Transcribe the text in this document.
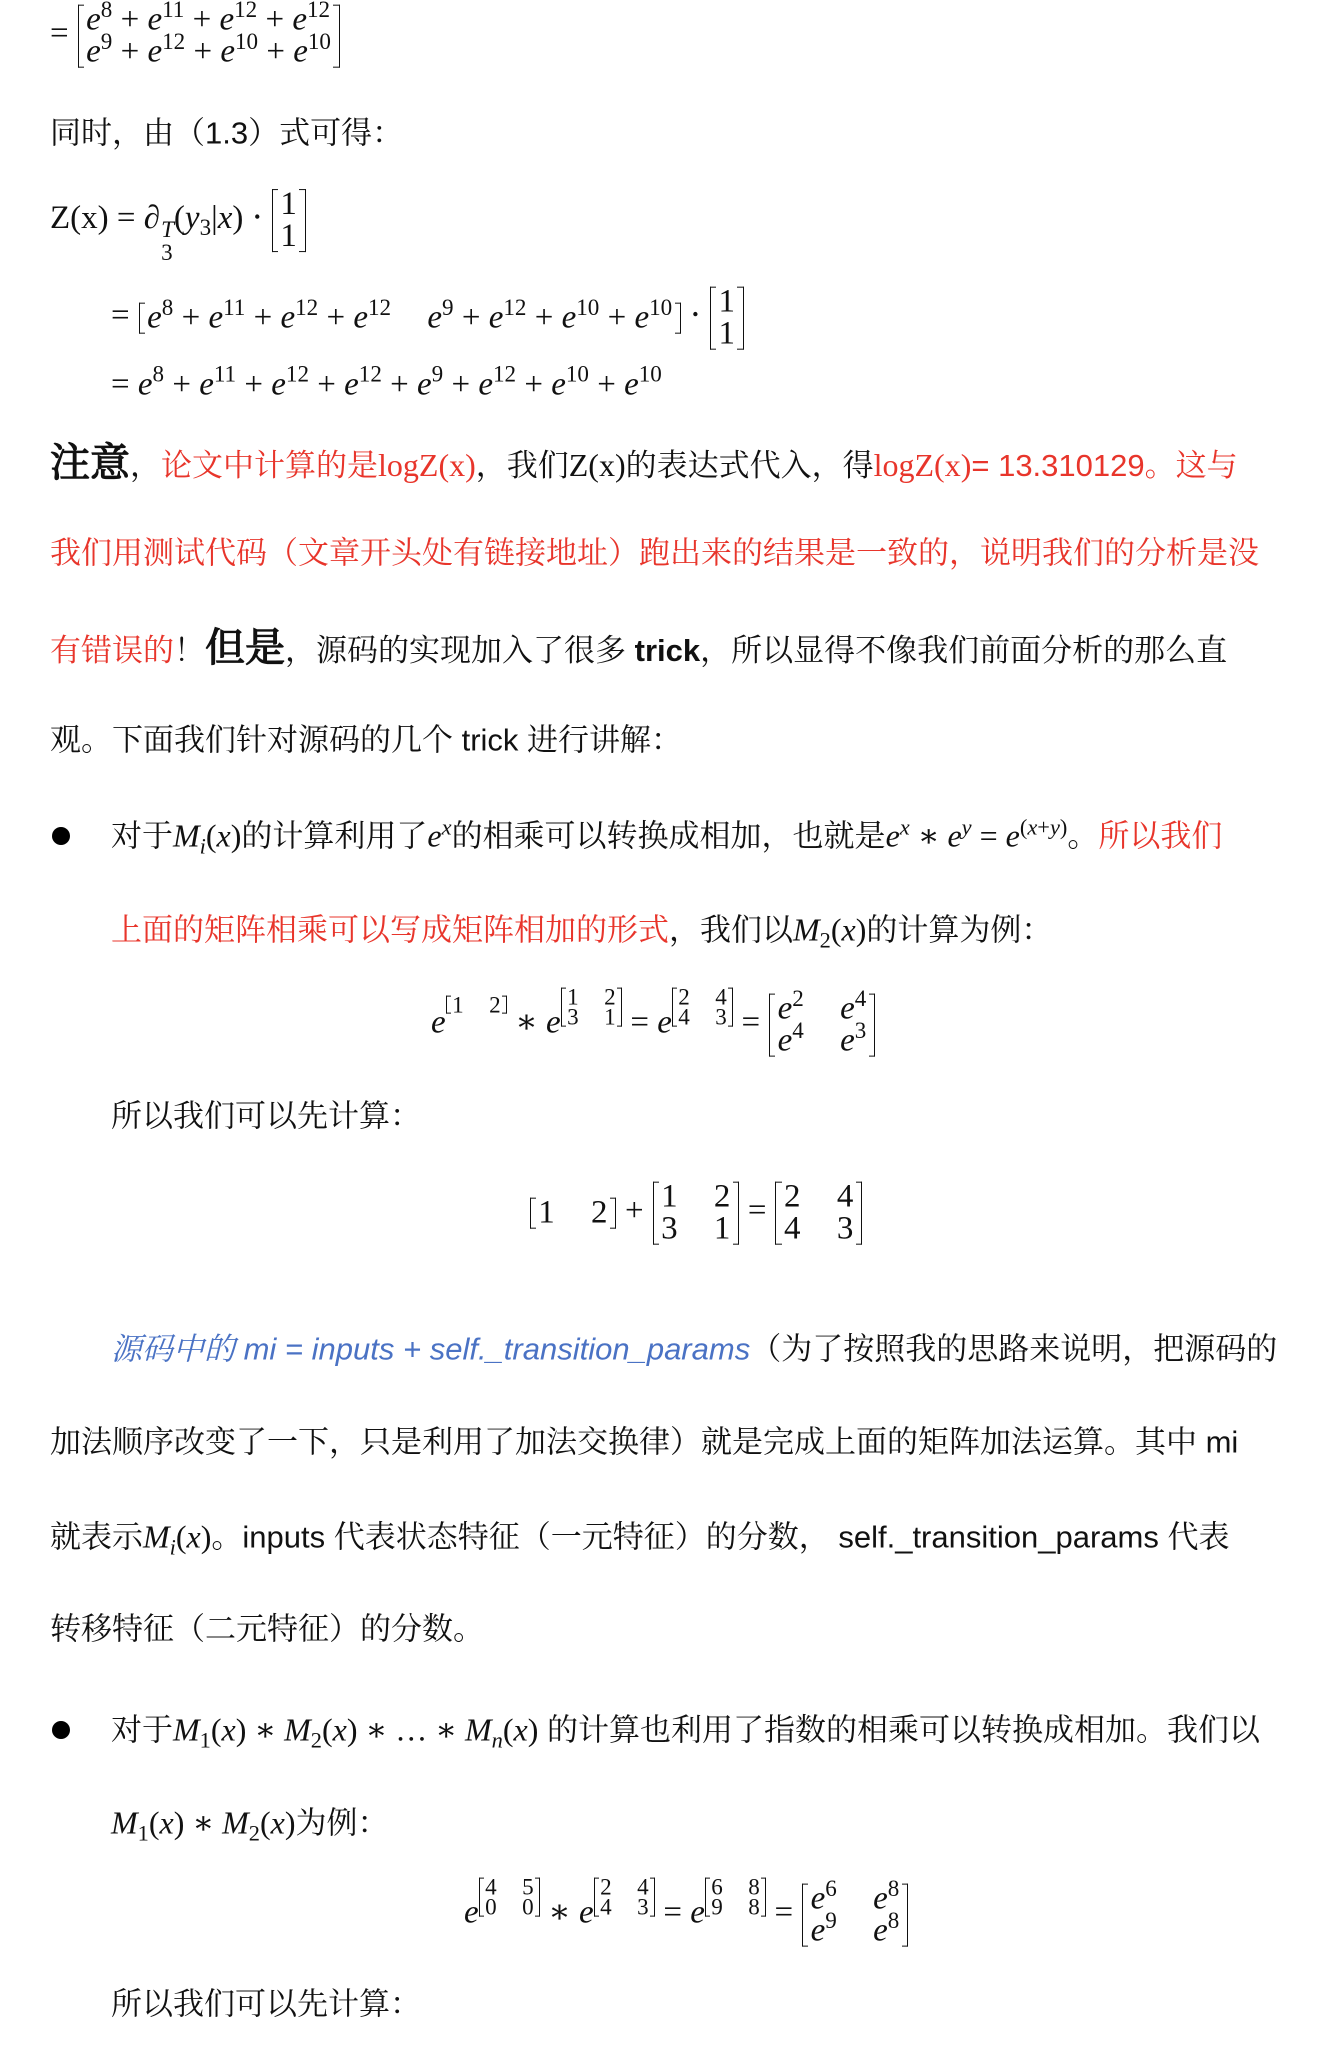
= $e^8 + e^{11} + e^{12} + e^{12}$
$e^9 + e^{12} + e^{10} + e^{10}$
同时，由（1.3）式可得：
Z(x) = ∂ T
3
$(y_3|x) \cdot 1$
1
= $e^8 + e^{11} + e^{12} + e^{12}$ $e^9 + e^{12} + e^{10} + e^{10} \cdot 1$
1
= $e^8 + e^{11} + e^{12} + e^{12} + e^9 + e^{12} + e^{10} + e^{10}$
注意，论文中计算的是logZ(x)，我们Z(x)的表达式代入，得logZ(x)= 13.310129。这与
我们用测试代码（文章开头处有链接地址）跑出来的结果是一致的，说明我们的分析是没
有错误的！但是，源码的实现加入了很多 trick，所以显得不像我们前面分析的那么直
观。下面我们针对源码的几个 trick 进行讲解：
对于$M_i(x)$的计算利用了$e^x$的相乘可以转换成相加，也就是$e^x$ ∗ $e^y = e^{(x+y)}$。所以我们
上面的矩阵相乘可以写成矩阵相加的形式，我们以$M_2(x)$的计算为例：
e
$^{1 2}$
∗ e
$^{1 2 3 1}$ = e
$^{2 4 4 3} = e^2$ $e^4$
$e^4$ $e^3$
所以我们可以先计算：
1 2 + 1 2
3 1
= 2 4
4 3
源码中的 mi = inputs + self._transition_params（为了按照我的思路来说明，把源码的
加法顺序改变了一下，只是利用了加法交换律）就是完成上面的矩阵加法运算。其中 mi
就表示$M_i(x)$。inputs 代表状态特征（一元特征）的分数， self._transition_params 代表
转移特征（二元特征）的分数。
对于$M_1(x)$ ∗ $M_2(x)$ ∗ … ∗ $M_n(x)$ 的计算也利用了指数的相乘可以转换成相加。我们以
$M_1(x)$ ∗ $M_2(x)$为例：
e
$^{4 5 0 0}$ ∗ e
$^{2 4 4 3}$ = e
$^{6 8 9 8} = e^6$ $e^8$
$e^9$ $e^8$
所以我们可以先计算：
